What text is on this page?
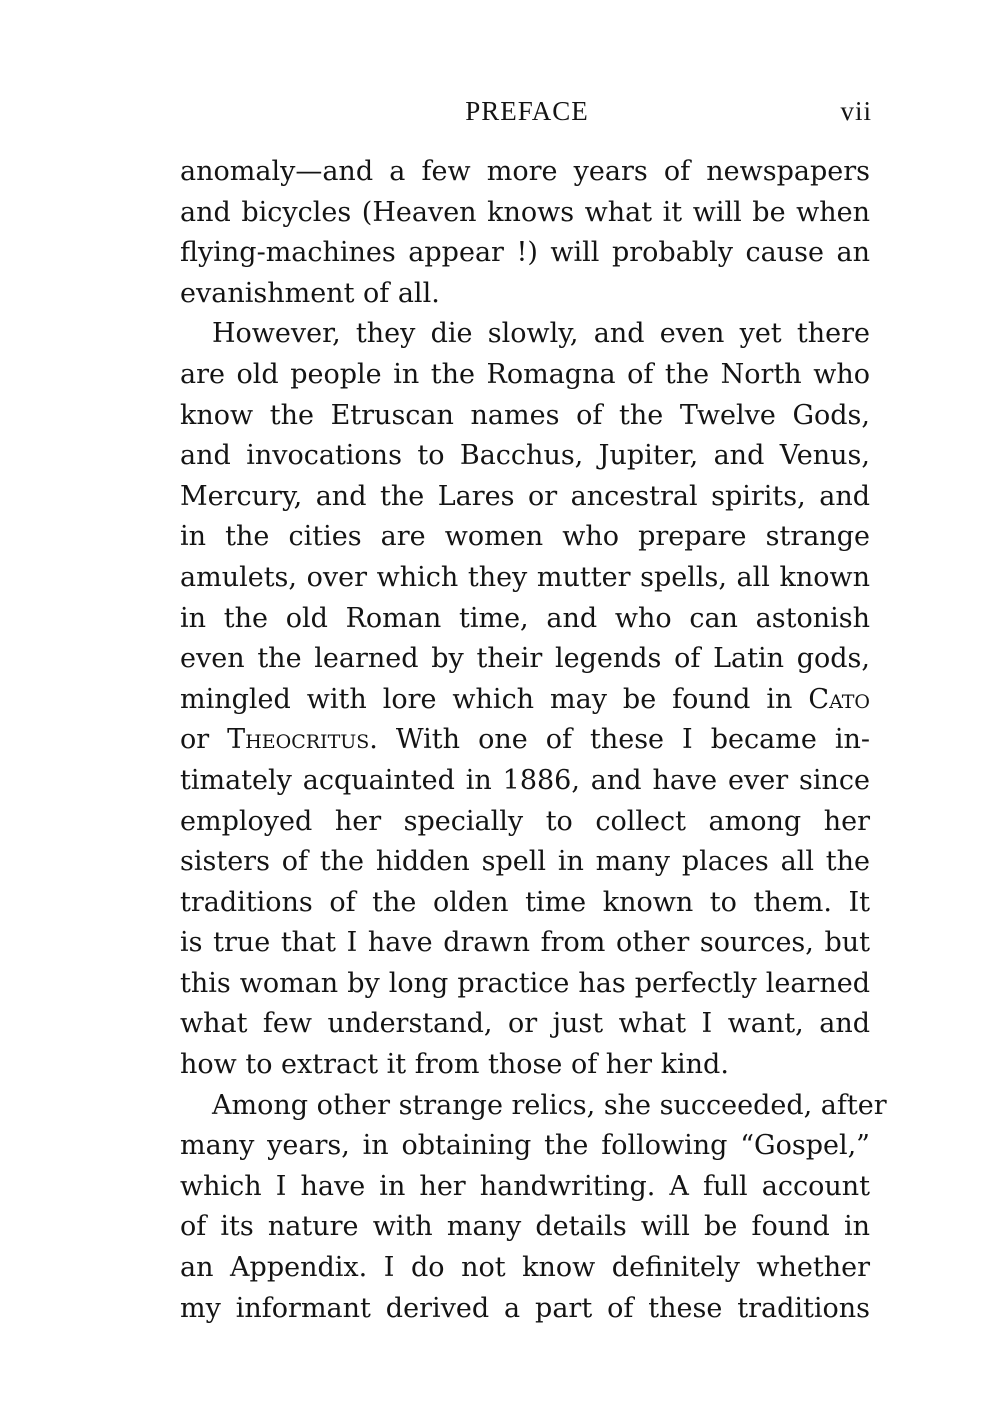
PREFACE	vii
anomaly—and a few more years of newspapers
and bicycles (Heaven knows what it will be when
flying-machines appear !) will probably cause an
evanishment of all.
However, they die slowly, and even yet there
are old people in the Romagna of the North who
know the Etruscan names of the Twelve Gods,
and invocations to Bacchus, Jupiter, and Venus,
Mercury, and the Lares or ancestral spirits, and
in the cities are women who prepare strange
amulets, over which they mutter spells, all known
in the old Roman time, and who can astonish
even the learned by their legends of Latin gods,
mingled with lore which may be found in Cato
or Theocritus. With one of these I became in-
timately acquainted in 1886, and have ever since
employed her specially to collect among her
sisters of the hidden spell in many places all the
traditions of the olden time known to them. It
is true that I have drawn from other sources, but
this woman by long practice has perfectly learned
what few understand, or just what I want, and
how to extract it from those of her kind.
Among other strange relics, she succeeded, after
many years, in obtaining the following “Gospel,”
which I have in her handwriting. A full account
of its nature with many details will be found in
an Appendix. I do not know definitely whether
my informant derived a part of these traditions
